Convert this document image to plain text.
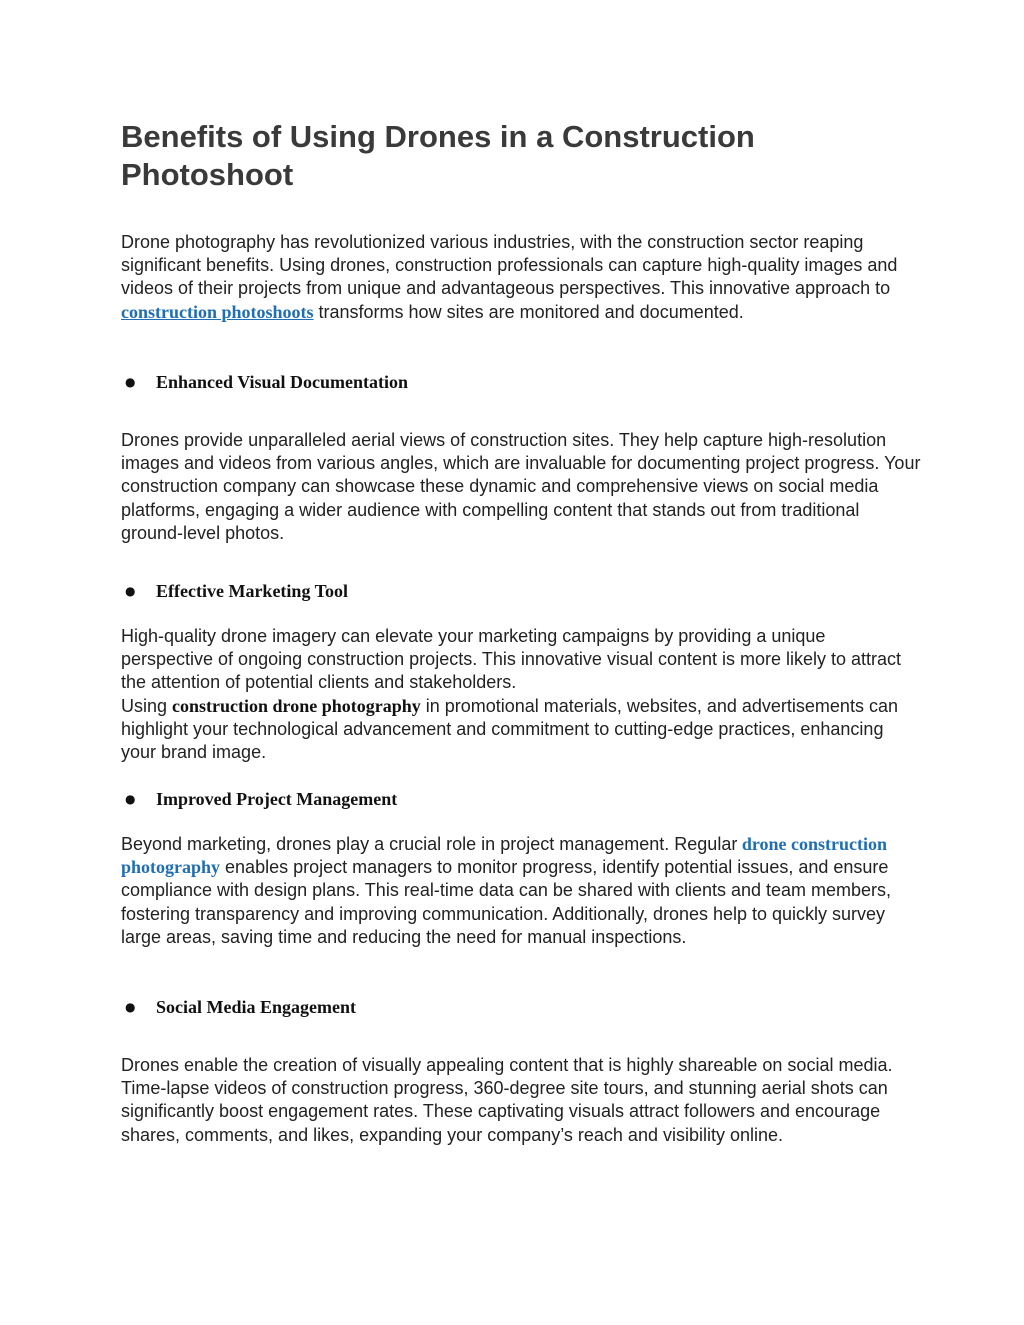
Benefits of Using Drones in a Construction Photoshoot

Drone photography has revolutionized various industries, with the construction sector reaping significant benefits. Using drones, construction professionals can capture high-quality images and videos of their projects from unique and advantageous perspectives. This innovative approach to construction photoshoots transforms how sites are monitored and documented.

● Enhanced Visual Documentation

Drones provide unparalleled aerial views of construction sites. They help capture high-resolution images and videos from various angles, which are invaluable for documenting project progress. Your construction company can showcase these dynamic and comprehensive views on social media platforms, engaging a wider audience with compelling content that stands out from traditional ground-level photos.

● Effective Marketing Tool

High-quality drone imagery can elevate your marketing campaigns by providing a unique perspective of ongoing construction projects. This innovative visual content is more likely to attract the attention of potential clients and stakeholders.

Using construction drone photography in promotional materials, websites, and advertisements can highlight your technological advancement and commitment to cutting-edge practices, enhancing your brand image.

● Improved Project Management

Beyond marketing, drones play a crucial role in project management. Regular drone construction photography enables project managers to monitor progress, identify potential issues, and ensure compliance with design plans. This real-time data can be shared with clients and team members, fostering transparency and improving communication. Additionally, drones help to quickly survey large areas, saving time and reducing the need for manual inspections.

● Social Media Engagement

Drones enable the creation of visually appealing content that is highly shareable on social media. Time-lapse videos of construction progress, 360-degree site tours, and stunning aerial shots can significantly boost engagement rates. These captivating visuals attract followers and encourage shares, comments, and likes, expanding your company’s reach and visibility online.
